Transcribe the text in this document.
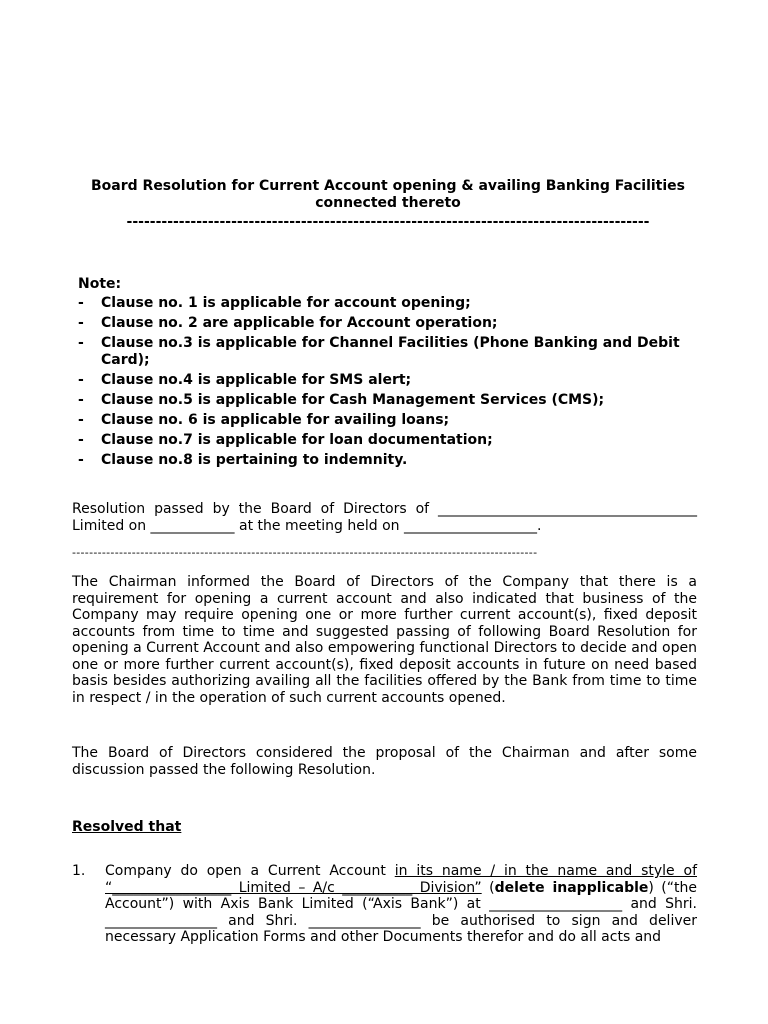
Board Resolution for Current Account opening & availing Banking Facilities connected thereto
------------------------------------------------------------------------------------------
Note:
- Clause no. 1 is applicable for account opening;
- Clause no. 2 are applicable for Account operation;
- Clause no.3 is applicable for Channel Facilities (Phone Banking and Debit Card);
- Clause no.4 is applicable for SMS alert;
- Clause no.5 is applicable for Cash Management Services (CMS);
- Clause no. 6 is applicable for availing loans;
- Clause no.7 is applicable for loan documentation;
- Clause no.8 is pertaining to indemnity.
Resolution passed by the Board of Directors of _____________________________________ Limited on ____________ at the meeting held on ___________________.
-------------------------------------------------------------------------------------------------------------
The Chairman informed the Board of Directors of the Company that there is a requirement for opening a current account and also indicated that business of the Company may require opening one or more further current account(s), fixed deposit accounts from time to time and suggested passing of following Board Resolution for opening a Current Account and also empowering functional Directors to decide and open one or more further current account(s), fixed deposit accounts in future on need based basis besides authorizing availing all the facilities offered by the Bank from time to time in respect / in the operation of such current accounts opened.
The Board of Directors considered the proposal of the Chairman and after some discussion passed the following Resolution.
Resolved that
1. Company do open a Current Account in its name / in the name and style of “_________________ Limited – A/c __________ Division” (delete inapplicable) (“the Account”) with Axis Bank Limited (“Axis Bank”) at ___________________ and Shri. ________________ and Shri. ________________ be authorised to sign and deliver necessary Application Forms and other Documents therefor and do all acts and
